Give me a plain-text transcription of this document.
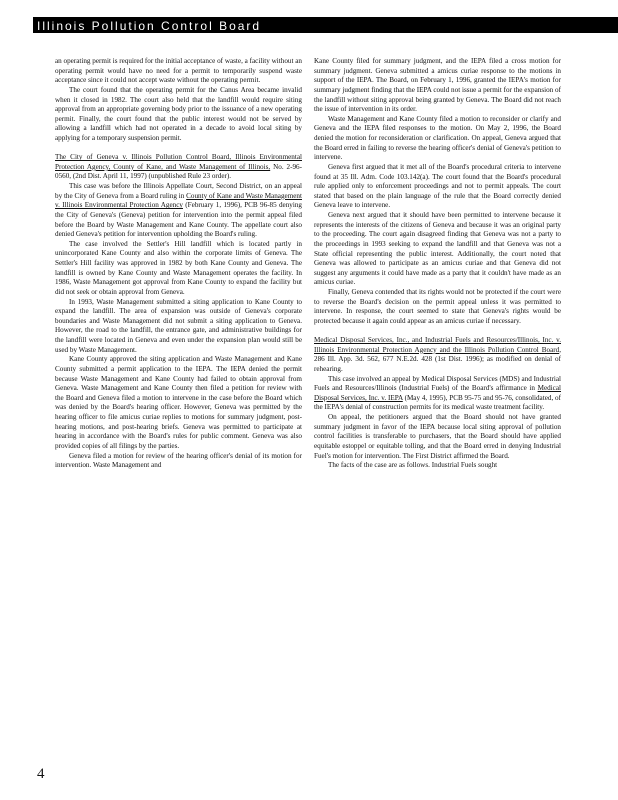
Illinois Pollution Control Board

an operating permit is required for the initial acceptance of waste, a facility without an operating permit would have no need for a permit to temporarily suspend waste acceptance since it could not accept waste without the operating permit.

The court found that the operating permit for the Canus Area became invalid when it closed in 1982. The court also held that the landfill would require siting approval from an appropriate governing body prior to the issuance of a new operating permit. Finally, the court found that the public interest would not be served by allowing a landfill which had not operated in a decade to avoid local siting by applying for a temporary suspension permit.

The City of Geneva v. Illinois Pollution Control Board, Illinois Environmental Protection Agency, County of Kane, and Waste Management of Illinois, No. 2-96-0560, (2nd Dist. April 11, 1997) (unpublished Rule 23 order).

This case was before the Illinois Appellate Court, Second District, on an appeal by the City of Geneva from a Board ruling in County of Kane and Waste Management v. Illinois Environmental Protection Agency (February 1, 1996), PCB 96-85 denying the City of Geneva's (Geneva) petition for intervention into the permit appeal filed before the Board by Waste Management and Kane County. The appellate court also denied Geneva's petition for intervention upholding the Board's ruling.

The case involved the Settler's Hill landfill which is located partly in unincorporated Kane County and also within the corporate limits of Geneva. The Settler's Hill facility was approved in 1982 by both Kane County and Geneva. The landfill is owned by Kane County and Waste Management operates the facility. In 1986, Waste Management got approval from Kane County to expand the facility but did not seek or obtain approval from Geneva.

In 1993, Waste Management submitted a siting application to Kane County to expand the landfill. The area of expansion was outside of Geneva's corporate boundaries and Waste Management did not submit a siting application to Geneva. However, the road to the landfill, the entrance gate, and administrative buildings for the landfill were located in Geneva and even under the expansion plan would still be used by Waste Management.

Kane County approved the siting application and Waste Management and Kane County submitted a permit application to the IEPA. The IEPA denied the permit because Waste Management and Kane County had failed to obtain approval from Geneva. Waste Management and Kane County then filed a petition for review with the Board and Geneva filed a motion to intervene in the case before the Board which was denied by the Board's hearing officer. However, Geneva was permitted by the hearing officer to file amicus curiae replies to motions for summary judgment, post-hearing motions, and post-hearing briefs. Geneva was permitted to participate at hearing in accordance with the Board's rules for public comment. Geneva was also provided copies of all filings by the parties.

Geneva filed a motion for review of the hearing officer's denial of its motion for intervention. Waste Management and

Kane County filed for summary judgment, and the IEPA filed a cross motion for summary judgment. Geneva submitted a amicus curiae response to the motions in support of the IEPA. The Board, on February 1, 1996, granted the IEPA's motion for summary judgment finding that the IEPA could not issue a permit for the expansion of the landfill without siting approval being granted by Geneva. The Board did not reach the issue of intervention in its order.

Waste Management and Kane County filed a motion to reconsider or clarify and Geneva and the IEPA filed responses to the motion. On May 2, 1996, the Board denied the motion for reconsideration or clarification. On appeal, Geneva argued that the Board erred in failing to reverse the hearing officer's denial of Geneva's petition to intervene.

Geneva first argued that it met all of the Board's procedural criteria to intervene found at 35 Ill. Adm. Code 103.142(a). The court found that the Board's procedural rule applied only to enforcement proceedings and not to permit appeals. The court stated that based on the plain language of the rule that the Board correctly denied Geneva leave to intervene.

Geneva next argued that it should have been permitted to intervene because it represents the interests of the citizens of Geneva and because it was an original party to the proceeding. The court again disagreed finding that Geneva was not a party to the proceedings in 1993 seeking to expand the landfill and that Geneva was not a State official representing the public interest. Additionally, the court noted that Geneva was allowed to participate as an amicus curiae and that Geneva did not suggest any arguments it could have made as a party that it couldn't have made as an amicus curiae.

Finally, Geneva contended that its rights would not be protected if the court were to reverse the Board's decision on the permit appeal unless it was permitted to intervene. In response, the court seemed to state that Geneva's rights would be protected because it again could appear as an amicus curiae if necessary.

Medical Disposal Services, Inc., and Industrial Fuels and Resources/Illinois, Inc. v. Illinois Environmental Protection Agency and the Illinois Pollution Control Board, 286 Ill. App. 3d. 562, 677 N.E.2d. 428 (1st Dist. 1996); as modified on denial of rehearing.

This case involved an appeal by Medical Disposal Services (MDS) and Industrial Fuels and Resources/Illinois (Industrial Fuels) of the Board's affirmance in Medical Disposal Services, Inc. v. IEPA (May 4, 1995), PCB 95-75 and 95-76, consolidated, of the IEPA's denial of construction permits for its medical waste treatment facility.

On appeal, the petitioners argued that the Board should not have granted summary judgment in favor of the IEPA because local siting approval of pollution control facilities is transferable to purchasers, that the Board should have applied equitable estoppel or equitable tolling, and that the Board erred in denying Industrial Fuel's motion for intervention. The First District affirmed the Board.

The facts of the case are as follows. Industrial Fuels sought

4
